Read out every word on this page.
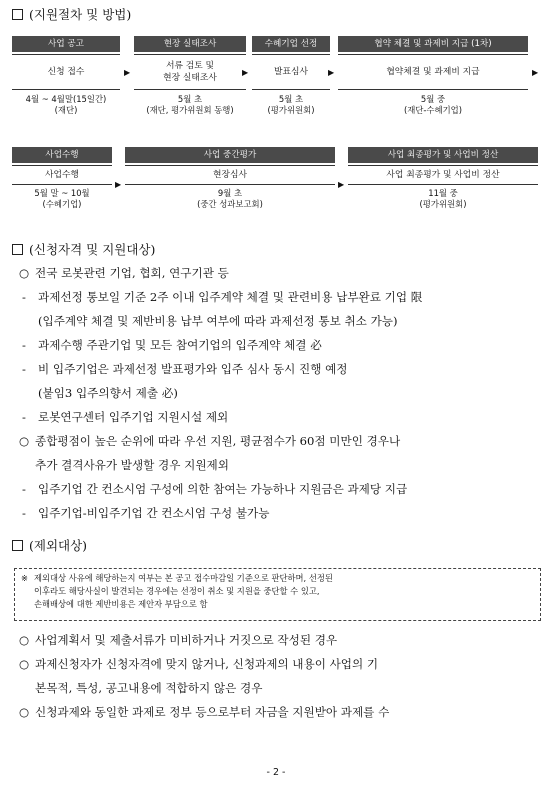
(지원절차 및 방법)
사업 공고
신청 접수
4월 ~ 4월말(15일간)
(재단)
▶
현장 실태조사
서류 검토 및
현장 실태조사
5월 초
(재단, 평가위원회 동행)
▶
수혜기업 선정
발표심사
5월 초
(평가위원회)
▶
협약 체결 및 과제비 지급 (1차)
협약체결 및 과제비 지급
5월 중
(재단-수혜기업)
▶
사업수행
사업수행
5월 말 ~ 10월
(수혜기업)
▶
사업 중간평가
현장심사
9월 초
(중간 성과보고회)
▶
사업 최종평가 및 사업비 정산
사업 최종평가 및 사업비 정산
11월 중
(평가위원회)
(신청자격 및 지원대상)
○ 전국 로봇관련 기업, 협회, 연구기관 등
- 과제선정 통보일 기준 2주 이내 입주계약 체결 및 관련비용 납부완료 기업 限
(입주계약 체결 및 제반비용 납부 여부에 따라 과제선정 통보 취소 가능)
- 과제수행 주관기업 및 모든 참여기업의 입주계약 체결 必
- 비 입주기업은 과제선정 발표평가와 입주 심사 동시 진행 예정
(붙임3 입주의향서 제출 必)
- 로봇연구센터 입주기업 지원시설 제외
○ 종합평점이 높은 순위에 따라 우선 지원, 평균점수가 60점 미만인 경우나
추가 결격사유가 발생할 경우 지원제외
- 입주기업 간 컨소시엄 구성에 의한 참여는 가능하나 지원금은 과제당 지급
- 입주기업-비입주기업 간 컨소시엄 구성 불가능
(제외대상)
※ 제외대상 사유에 해당하는지 여부는 본 공고 접수마감일 기준으로 판단하며, 선정된
이후라도 해당사실이 발견되는 경우에는 선정이 취소 및 지원을 중단할 수 있고,
손해배상에 대한 제반비용은 제안자 부담으로 함
○ 사업계획서 및 제출서류가 미비하거나 거짓으로 작성된 경우
○ 과제신청자가 신청자격에 맞지 않거나, 신청과제의 내용이 사업의 기
본목적, 특성, 공고내용에 적합하지 않은 경우
○ 신청과제와 동일한 과제로 정부 등으로부터 자금을 지원받아 과제를 수
- 2 -
